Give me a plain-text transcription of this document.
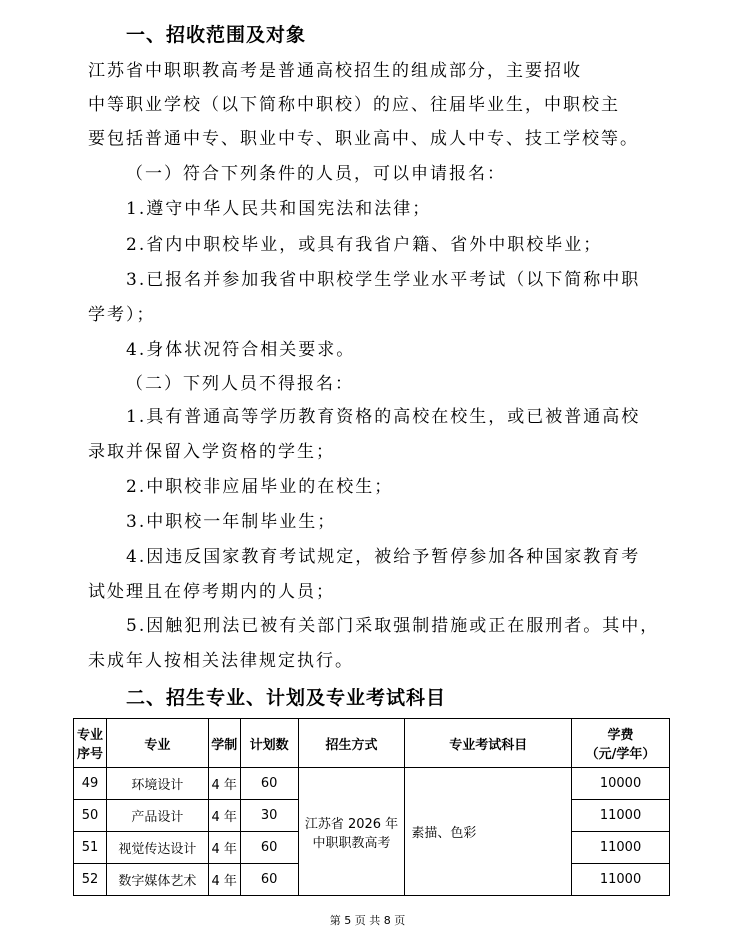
一、招收范围及对象
江苏省中职职教高考是普通高校招生的组成部分，主要招收
中等职业学校（以下简称中职校）的应、往届毕业生，中职校主
要包括普通中专、职业中专、职业高中、成人中专、技工学校等。
（一）符合下列条件的人员，可以申请报名：
1.遵守中华人民共和国宪法和法律；
2.省内中职校毕业，或具有我省户籍、省外中职校毕业；
3.已报名并参加我省中职校学生学业水平考试（以下简称中职
学考）；
4.身体状况符合相关要求。
（二）下列人员不得报名：
1.具有普通高等学历教育资格的高校在校生，或已被普通高校
录取并保留入学资格的学生；
2.中职校非应届毕业的在校生；
3.中职校一年制毕业生；
4.因违反国家教育考试规定，被给予暂停参加各种国家教育考
试处理且在停考期内的人员；
5.因触犯刑法已被有关部门采取强制措施或正在服刑者。其中，
未成年人按相关法律规定执行。
二、招生专业、计划及专业考试科目
专业
序号	专业	学制	计划数	招生方式	专业考试科目	学费
（元/学年）
49	环境设计	4 年	60	江苏省 2026 年
中职职教高考	素描、色彩	10000
50	产品设计	4 年	30			11000
51	视觉传达设计	4 年	60			11000
52	数字媒体艺术	4 年	60			11000
第 5 页 共 8 页
